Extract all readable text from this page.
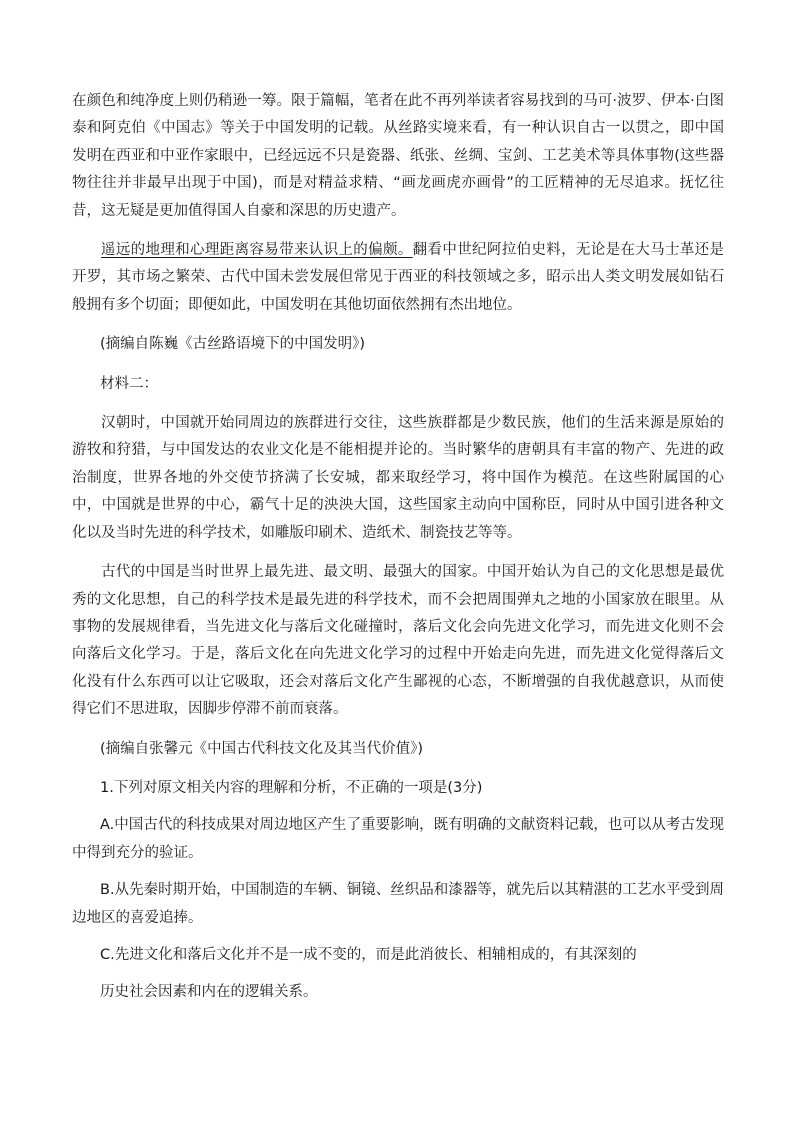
在颜色和纯净度上则仍稍逊一筹。限于篇幅，笔者在此不再列举读者容易找到的马可·波罗、伊本·白图泰和阿克伯《中国志》等关于中国发明的记载。从丝路实境来看，有一种认识自古一以贯之，即中国发明在西亚和中亚作家眼中，已经远远不只是瓷器、纸张、丝绸、宝剑、工艺美术等具体事物(这些器物往往并非最早出现于中国)，而是对精益求精、“画龙画虎亦画骨”的工匠精神的无尽追求。抚忆往昔，这无疑是更加值得国人自豪和深思的历史遗产。

遥远的地理和心理距离容易带来认识上的偏颇。翻看中世纪阿拉伯史料，无论是在大马士革还是开罗，其市场之繁荣、古代中国未尝发展但常见于西亚的科技领域之多，昭示出人类文明发展如钻石般拥有多个切面；即便如此，中国发明在其他切面依然拥有杰出地位。

(摘编自陈巍《古丝路语境下的中国发明》)

材料二：

汉朝时，中国就开始同周边的族群进行交往，这些族群都是少数民族，他们的生活来源是原始的游牧和狩猎，与中国发达的农业文化是不能相提并论的。当时繁华的唐朝具有丰富的物产、先进的政治制度，世界各地的外交使节挤满了长安城，都来取经学习，将中国作为模范。在这些附属国的心中，中国就是世界的中心，霸气十足的泱泱大国，这些国家主动向中国称臣，同时从中国引进各种文化以及当时先进的科学技术，如雕版印刷术、造纸术、制瓷技艺等等。

古代的中国是当时世界上最先进、最文明、最强大的国家。中国开始认为自己的文化思想是最优秀的文化思想，自己的科学技术是最先进的科学技术，而不会把周围弹丸之地的小国家放在眼里。从事物的发展规律看，当先进文化与落后文化碰撞时，落后文化会向先进文化学习，而先进文化则不会向落后文化学习。于是，落后文化在向先进文化学习的过程中开始走向先进，而先进文化觉得落后文化没有什么东西可以让它吸取，还会对落后文化产生鄙视的心态，不断增强的自我优越意识，从而使得它们不思进取，因脚步停滞不前而衰落。

(摘编自张馨元《中国古代科技文化及其当代价值》)

1.下列对原文相关内容的理解和分析，不正确的一项是(3分)

A.中国古代的科技成果对周边地区产生了重要影响，既有明确的文献资料记载，也可以从考古发现中得到充分的验证。

B.从先秦时期开始，中国制造的车辆、铜镜、丝织品和漆器等，就先后以其精湛的工艺水平受到周边地区的喜爱追捧。

C.先进文化和落后文化并不是一成不变的，而是此消彼长、相辅相成的，有其深刻的

历史社会因素和内在的逻辑关系。
